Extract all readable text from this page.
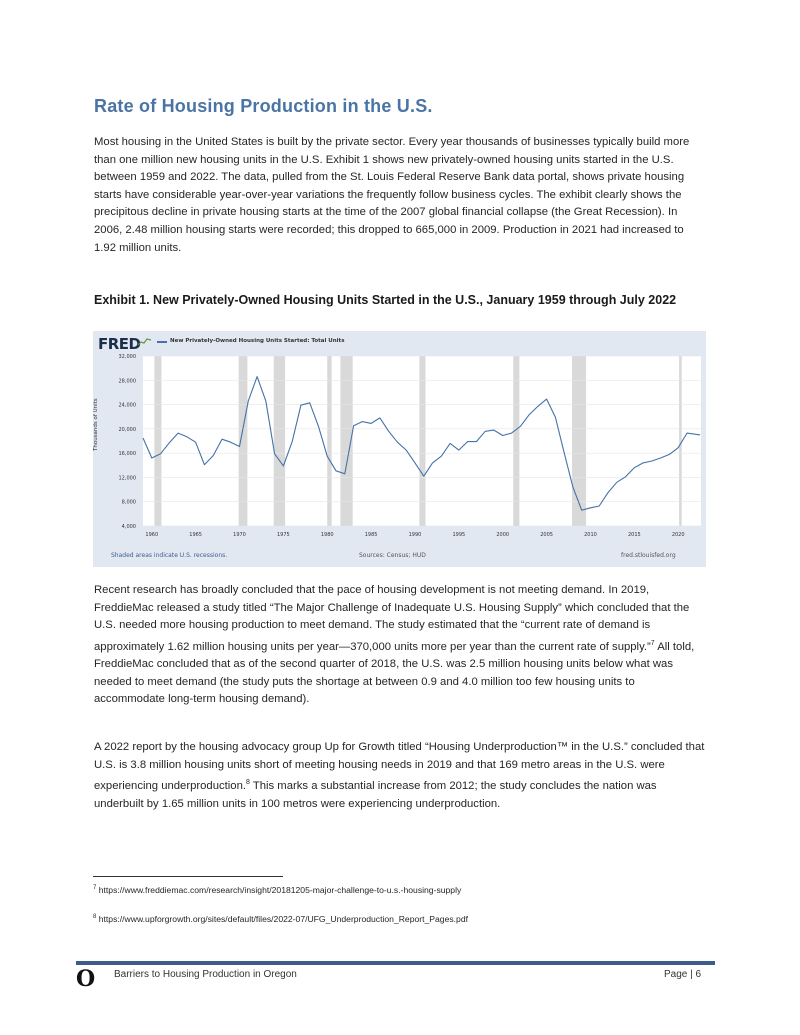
Rate of Housing Production in the U.S.

Most housing in the United States is built by the private sector. Every year thousands of businesses typically build more than one million new housing units in the U.S. Exhibit 1 shows new privately-owned housing units started in the U.S. between 1959 and 2022. The data, pulled from the St. Louis Federal Reserve Bank data portal, shows private housing starts have considerable year-over-year variations the frequently follow business cycles. The exhibit clearly shows the precipitous decline in private housing starts at the time of the 2007 global financial collapse (the Great Recession). In 2006, 2.48 million housing starts were recorded; this dropped to 665,000 in 2009. Production in 2021 had increased to 1.92 million units.

Exhibit 1. New Privately-Owned Housing Units Started in the U.S., January 1959 through July 2022

FRED	New Privately-Owned Housing Units Started: Total Units
Thousands of Units
4,000
8,000
12,000
16,000
20,000
24,000
28,000
32,000
1960	1965	1970	1975	1980	1985	1990	1995	2000	2005	2010	2015	2020
Shaded areas indicate U.S. recessions.	Sources: Census; HUD	fred.stlouisfed.org

Recent research has broadly concluded that the pace of housing development is not meeting demand. In 2019, FreddieMac released a study titled “The Major Challenge of Inadequate U.S. Housing Supply” which concluded that the U.S. needed more housing production to meet demand. The study estimated that the “current rate of demand is approximately 1.62 million housing units per year—370,000 units more per year than the current rate of supply.”$^7$ All told, FreddieMac concluded that as of the second quarter of 2018, the U.S. was 2.5 million housing units below what was needed to meet demand (the study puts the shortage at between 0.9 and 4.0 million too few housing units to accommodate long-term housing demand).

A 2022 report by the housing advocacy group Up for Growth titled “Housing Underproduction™ in the U.S.” concluded that U.S. is 3.8 million housing units short of meeting housing needs in 2019 and that 169 metro areas in the U.S. were experiencing underproduction.$^8$ This marks a substantial increase from 2012; the study concludes the nation was underbuilt by 1.65 million units in 100 metros were experiencing underproduction.

$^7$ https://www.freddiemac.com/research/insight/20181205-major-challenge-to-u.s.-housing-supply

$^8$ https://www.upforgrowth.org/sites/default/files/2022-07/UFG_Underproduction_Report_Pages.pdf

O Barriers to Housing Production in Oregon	Page | 6
